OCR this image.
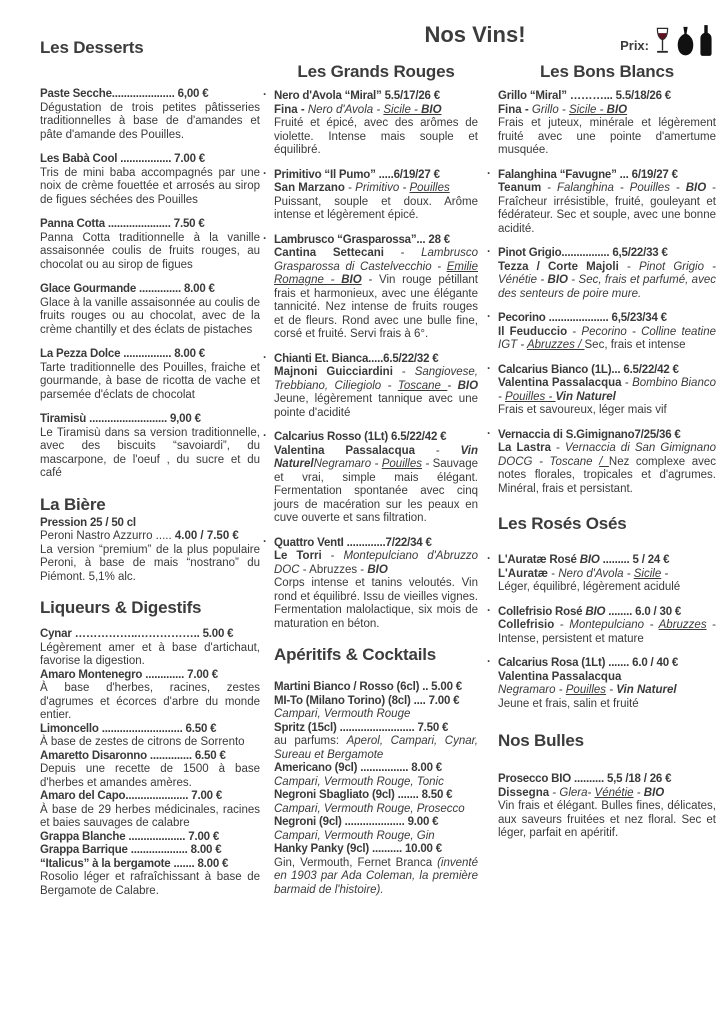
Les Desserts
Paste Secche..................... 6,00 €

Dégustation de trois petites pâtisseries traditionnelles à base de d'amandes et pâte d'amande des Pouilles.

Les Babà Cool ................. 7.00 €

Tris de mini baba accompagnés par une noix de crème fouettée et arrosés au sirop de figues séchées des Pouilles

Panna Cotta ..................... 7.50 €

Panna Cotta traditionnelle à la vanille assaisonnée coulis de fruits rouges, au chocolat ou au sirop de figues

Glace Gourmande .............. 8.00 €

Glace à la vanille assaisonnée au coulis de fruits rouges ou au chocolat, avec de la crème chantilly et des éclats de pistaches

La Pezza Dolce ................ 8.00 €

Tarte traditionnelle des Pouilles, fraiche et gourmande, à base de ricotta de vache et parsemée d'éclats de chocolat

Tiramisù .......................... 9,00 €

Le Tiramisù dans sa version traditionnelle, avec des biscuits “savoiardi”, du mascarpone, de l'oeuf , du sucre et du café

La Bière
Pression 25 / 50 cl

Peroni Nastro Azzurro ..... 4.00 / 7.50 €

La version “premium” de la plus populaire Peroni, à base de mais “nostrano” du Piémont. 5,1% alc.

Liqueurs & Digestifs
Cynar ……………..…………….. 5.00 €

Légèrement amer et à base d'artichaut, favorise la digestion.

Amaro Montenegro ............. 7.00 €

À base d'herbes, racines, zestes d'agrumes et écorces d'arbre du monde entier.

Limoncello ........................... 6.50 €

À base de zestes de citrons de Sorrento

Amaretto Disaronno .............. 6.50 €

Depuis une recette de 1500 à base d'herbes et amandes amères.

Amaro del Capo..................... 7.00 €

À base de 29 herbes médicinales, racines et baies sauvages de calabre

Grappa Blanche ................... 7.00 €
Grappa Barrique ................... 8.00 €
“Italicus” à la bergamote ....... 8.00 €

Rosolio léger et rafraîchissant à base de Bergamote de Calabre.

Nos Vins!	Prix:
Les Grands Rouges
· Nero d'Avola “Miral” 5.5/17/26 €

Fina - Nero d'Avola - Sicile - BIO

Fruité et épicé, avec des arômes de violette. Intense mais souple et équilibré.

· Primitivo “Il Pumo” .....6/19/27 €

San Marzano - Primitivo - Pouilles

Puissant, souple et doux. Arôme intense et légèrement épicé.

· Lambrusco “Grasparossa”... 28 €

Cantina Settecani - Lambrusco Grasparossa di Castelvecchio - Emilie Romagne - BIO - Vin rouge pétillant frais et harmonieux, avec une élégante tannicité. Nez intense de fruits rouges et de fleurs. Rond avec une bulle fine, corsé et fruité. Servi frais à 6°.

· Chianti Et. Bianca.....6.5/22/32 €

Majnoni Guicciardini - Sangiovese, Trebbiano, Ciliegiolo - Toscane - BIO Jeune, légèrement tannique avec une pointe d'acidité

· Calcarius Rosso (1Lt) 6.5/22/42 €

Valentina Passalacqua - Vin NaturelNegramaro - Pouilles - Sauvage et vrai, simple mais élégant. Fermentation spontanée avec cinq jours de macération sur les peaux en cuve ouverte et sans filtration.

· Quattro VentI .............7/22/34 €

Le Torri - Montepulciano d'Abruzzo DOC - Abruzzes - BIO

Corps intense et tanins veloutés. Vin rond et équilibré. Issu de vieilles vignes. Fermentation malolactique, six mois de maturation en béton.

Apéritifs & Cocktails
Martini Bianco / Rosso (6cl) .. 5.00 €
MI-To (Milano Torino) (8cl) .... 7.00 €

Campari, Vermouth Rouge

Spritz (15cl) ......................... 7.50 €

au parfums: Aperol, Campari, Cynar, Sureau et Bergamote

Americano (9cl) ................ 8.00 €

Campari, Vermouth Rouge, Tonic

Negroni Sbagliato (9cl) ....... 8.50 €

Campari, Vermouth Rouge, Prosecco

Negroni (9cl) .................... 9.00 €

Campari, Vermouth Rouge, Gin

Hanky Panky (9cl) .......... 10.00 €

Gin, Vermouth, Fernet Branca (inventé en 1903 par Ada Coleman, la première barmaid de l'histoire).

Les Bons Blancs
Grillo “Miral” ………... 5.5/18/26 €

Fina - Grillo - Sicile - BIO

Frais et juteux, minérale et légèrement fruité avec une pointe d'amertume musquée.

· Falanghina “Favugne” ... 6/19/27 €

Teanum - Falanghina - Pouilles - BIO - Fraîcheur irrésistible, fruité, gouleyant et fédérateur. Sec et souple, avec une bonne acidité.

· Pinot Grigio................ 6,5/22/33 €

Tezza / Corte Majoli - Pinot Grigio - Vénétie - BIO - Sec, frais et parfumé, avec des senteurs de poire mure.

· Pecorino .................... 6,5/23/34 €

Il Feuduccio - Pecorino - Colline teatine IGT - Abruzzes / Sec, frais et intense

· Calcarius Bianco (1L)... 6.5/22/42 €

Valentina Passalacqua - Bombino Bianco - Pouilles - Vin Naturel

Frais et savoureux, léger mais vif

· Vernaccia di S.Gimignano7/25/36 €

La Lastra - Vernaccia di San Gimignano DOCG - Toscane / Nez complexe avec notes florales, tropicales et d'agrumes. Minéral, frais et persistant.

Les Rosés Osés
· L'Auratæ Rosé BIO ......... 5 / 24 €

L'Auratæ - Nero d'Avola - Sicile -

Léger, équilibré, légèrement acidulé

· Collefrisio Rosé BIO ........ 6.0 / 30 €

Collefrisio - Montepulciano - Abruzzes -Intense, persistent et mature

· Calcarius Rosa (1Lt) ....... 6.0 / 40 €

Valentina Passalacqua

Negramaro - Pouilles - Vin Naturel

Jeune et frais, salin et fruité

Nos Bulles
Prosecco BIO .......... 5,5 /18 / 26 €

Dissegna - Glera- Vénétie - BIO

Vin frais et élégant. Bulles fines, délicates, aux saveurs fruitées et nez floral. Sec et léger, parfait en apéritif.
